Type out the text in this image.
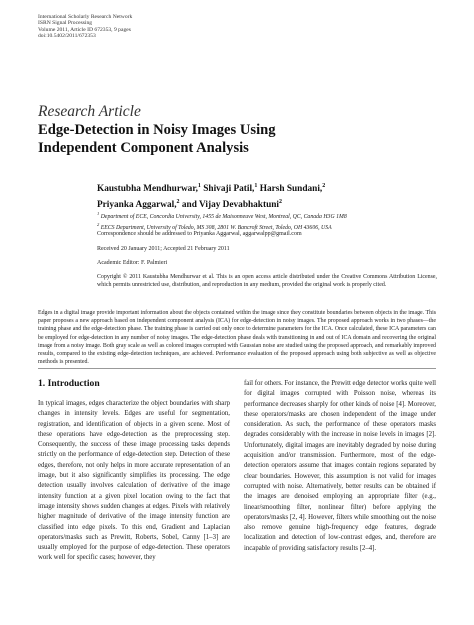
International Scholarly Research Network
ISRN Signal Processing
Volume 2011, Article ID 672353, 9 pages
doi:10.5402/2011/672353
Research Article
Edge-Detection in Noisy Images Using
Independent Component Analysis
Kaustubha Mendhurwar,$^1$ Shivaji Patil,$^1$ Harsh Sundani,$^2$
Priyanka Aggarwal,$^2$ and Vijay Devabhaktuni$^2$
$^1$ Department of ECE, Concordia University, 1455 de Maisonneuve West, Montreal, QC, Canada H3G 1M8
$^2$ EECS Department, University of Toledo, MS 308, 2801 W. Bancroft Street, Toledo, OH 43606, USA
Correspondence should be addressed to Priyanka Aggarwal, aggarwalpp@gmail.com
Received 20 January 2011; Accepted 21 February 2011
Academic Editor: F. Palmieri
Copyright © 2011 Kaustubha Mendhurwar et al. This is an open access article distributed under the Creative Commons Attribution License, which permits unrestricted use, distribution, and reproduction in any medium, provided the original work is properly cited.
Edges in a digital image provide important information about the objects contained within the image since they constitute boundaries between objects in the image. This paper proposes a new approach based on independent component analysis (ICA) for edge-detection in noisy images. The proposed approach works in two phases—the training phase and the edge-detection phase. The training phase is carried out only once to determine parameters for the ICA. Once calculated, these ICA parameters can be employed for edge-detection in any number of noisy images. The edge-detection phase deals with transitioning in and out of ICA domain and recovering the original image from a noisy image. Both gray scale as well as colored images corrupted with Gaussian noise are studied using the proposed approach, and remarkably improved results, compared to the existing edge-detection techniques, are achieved. Performance evaluation of the proposed approach using both subjective as well as objective methods is presented.
1. Introduction
In typical images, edges characterize the object boundaries with sharp changes in intensity levels. Edges are useful for segmentation, registration, and identification of objects in a given scene. Most of these operations have edge-detection as the preprocessing step. Consequently, the success of these image processing tasks depends strictly on the performance of edge-detection step. Detection of these edges, therefore, not only helps in more accurate representation of an image, but it also significantly simplifies its processing. The edge detection usually involves calculation of derivative of the image intensity function at a given pixel location owing to the fact that image intensity shows sudden changes at edges. Pixels with relatively higher magnitude of derivative of the image intensity function are classified into edge pixels. To this end, Gradient and Laplacian operators/masks such as Prewitt, Roberts, Sobel, Canny [1–3] are usually employed for the purpose of edge-detection. These operators work well for specific cases; however, they
fail for others. For instance, the Prewitt edge detector works quite well for digital images corrupted with Poisson noise, whereas its performance decreases sharply for other kinds of noise [4]. Moreover, these operators/masks are chosen independent of the image under consideration. As such, the performance of these operators masks degrades considerably with the increase in noise levels in images [2]. Unfortunately, digital images are inevitably degraded by noise during acquisition and/or transmission. Furthermore, most of the edge-detection operators assume that images contain regions separated by clear boundaries. However, this assumption is not valid for images corrupted with noise. Alternatively, better results can be obtained if the images are denoised employing an appropriate filter (e.g., linear/smoothing filter, nonlinear filter) before applying the operators/masks [2, 4]. However, filters while smoothing out the noise also remove genuine high-frequency edge features, degrade localization and detection of low-contrast edges, and, therefore are incapable of providing satisfactory results [2–4].
